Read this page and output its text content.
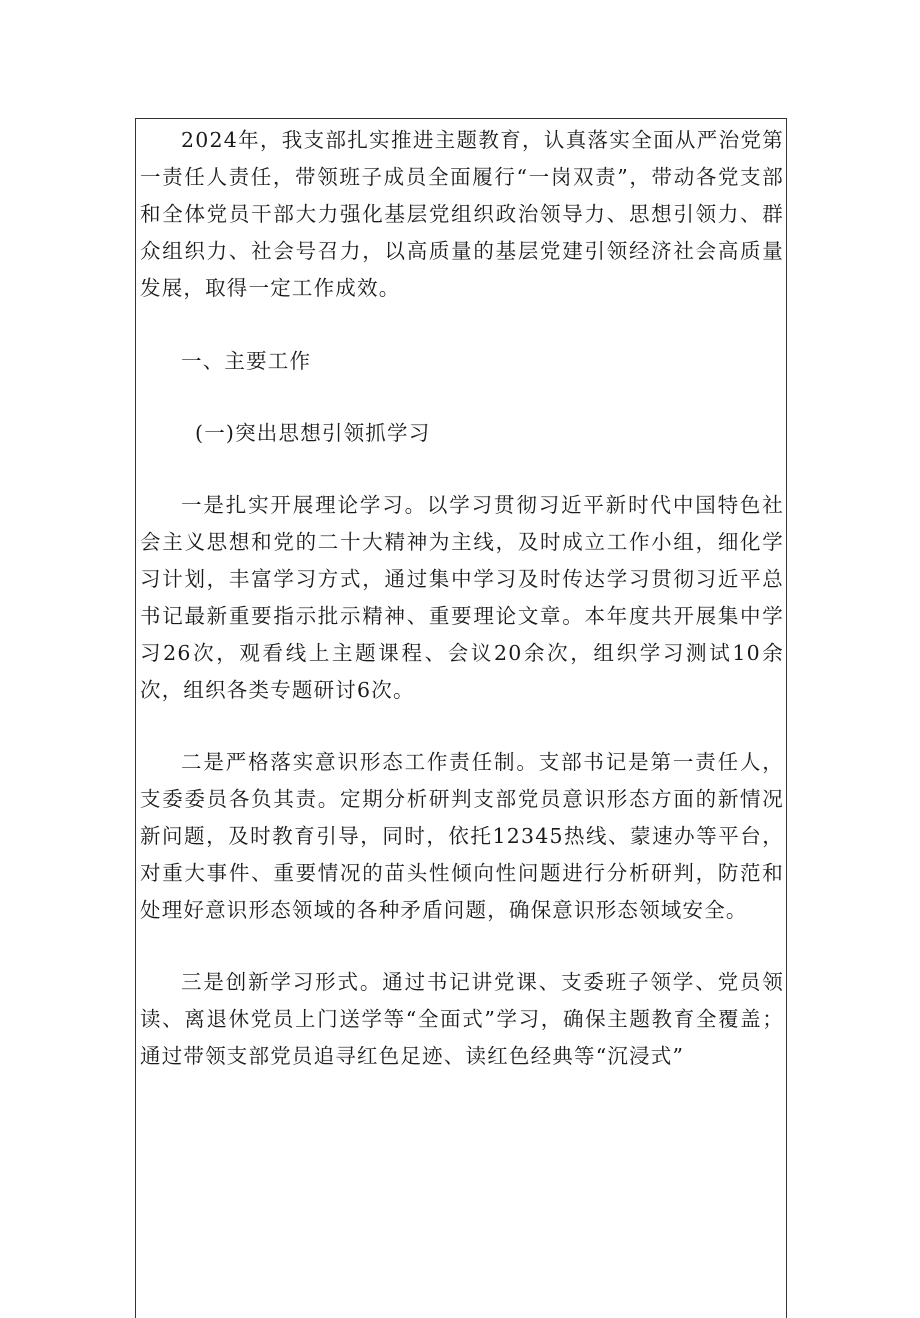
2024年，我支部扎实推进主题教育，认真落实全面从严治党第一责任人责任，带领班子成员全面履行“一岗双责”，带动各党支部和全体党员干部大力强化基层党组织政治领导力、思想引领力、群众组织力、社会号召力，以高质量的基层党建引领经济社会高质量发展，取得一定工作成效。

一、主要工作

(一)突出思想引领抓学习

一是扎实开展理论学习。以学习贯彻习近平新时代中国特色社会主义思想和党的二十大精神为主线，及时成立工作小组，细化学习计划，丰富学习方式，通过集中学习及时传达学习贯彻习近平总书记最新重要指示批示精神、重要理论文章。本年度共开展集中学习26次，观看线上主题课程、会议20余次，组织学习测试10余次，组织各类专题研讨6次。

二是严格落实意识形态工作责任制。支部书记是第一责任人，支委委员各负其责。定期分析研判支部党员意识形态方面的新情况新问题，及时教育引导，同时，依托12345热线、蒙速办等平台，对重大事件、重要情况的苗头性倾向性问题进行分析研判，防范和处理好意识形态领域的各种矛盾问题，确保意识形态领域安全。

三是创新学习形式。通过书记讲党课、支委班子领学、党员领读、离退休党员上门送学等“全面式”学习，确保主题教育全覆盖；通过带领支部党员追寻红色足迹、读红色经典等“沉浸式”
